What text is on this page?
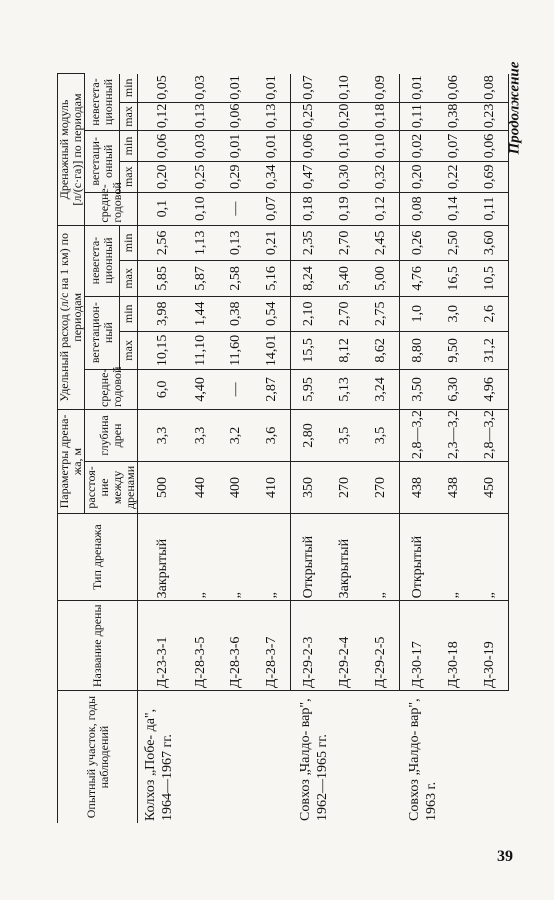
Продолжение
Опытный участок, годы наблюдений	Название дрены	Тип дренажа	Параметры дрена- жа, м		Удельный расход (л/с на 1 км) по периодам					Дренажный модуль [л/(с·га)] по периодам			
			расстоя- ние между дренами	глубина дрен	средне- годовой	вегетацион- ный		невегета- ционный		средне- годовой	вегетаци- онный		невегета- ционный	
						max	min	max	min		max	min	max	min
Колхоз „Побе- да", 1964—1967 гг.	Д-23-3-1	Закрытый	500	3,3	6,0	10,15	3,98	5,85	2,56	0,1	0,20	0,06	0,12	0,05
	Д-28-3-5	„	440	3,3	4,40	11,10	1,44	5,87	1,13	0,10	0,25	0,03	0,13	0,03
	Д-28-3-6	„	400	3,2	—	11,60	0,38	2,58	0,13	—	0,29	0,01	0,06	0,01
	Д-28-3-7	„	410	3,6	2,87	14,01	0,54	5,16	0,21	0,07	0,34	0,01	0,13	0,01
Совхоз „Чалдо- вар", 1962—1965 гг.	Д-29-2-3	Открытый	350	2,80	5,95	15,5	2,10	8,24	2,35	0,18	0,47	0,06	0,25	0,07
	Д-29-2-4	Закрытый	270	3,5	5,13	8,12	2,70	5,40	2,70	0,19	0,30	0,10	0,20	0,10
	Д-29-2-5	„	270	3,5	3,24	8,62	2,75	5,00	2,45	0,12	0,32	0,10	0,18	0,09
Совхоз „Чалдо- вар", 1963 г.	Д-30-17	Открытый	438	2,8—3,2	3,50	8,80	1,0	4,76	0,26	0,08	0,20	0,02	0,11	0,01
	Д-30-18	„	438	2,3—3,2	6,30	9,50	3,0	16,5	2,50	0,14	0,22	0,07	0,38	0,06
	Д-30-19	„	450	2,8—3,2	4,96	31,2	2,6	10,5	3,60	0,11	0,69	0,06	0,23	0,08
39
